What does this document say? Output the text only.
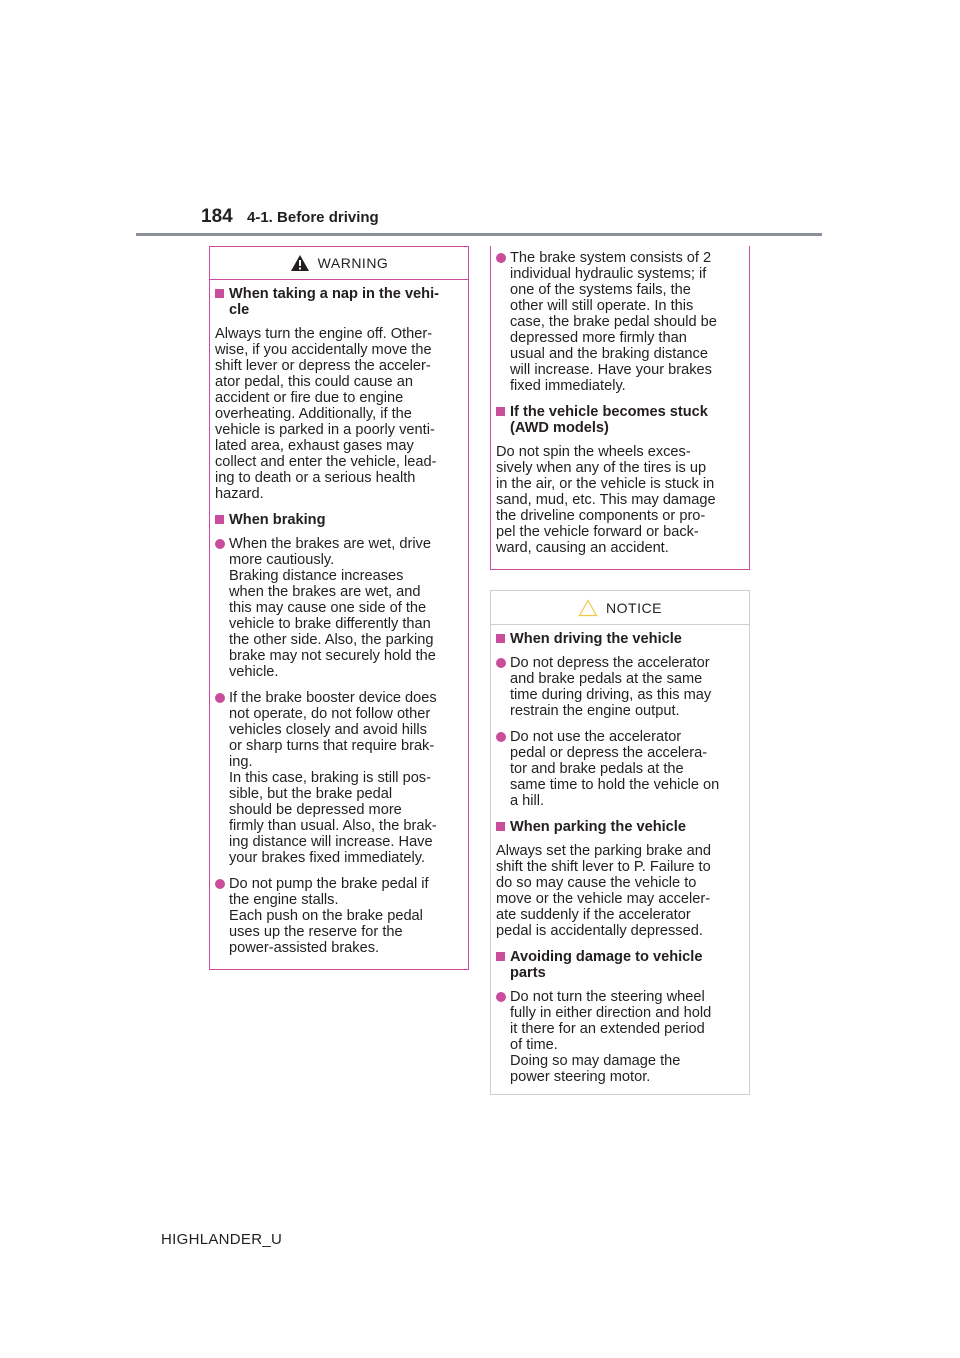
184 4-1. Before driving
WARNING
When taking a nap in the vehi-
cle
Always turn the engine off. Other-
wise, if you accidentally move the
shift lever or depress the acceler-
ator pedal, this could cause an
accident or fire due to engine
overheating. Additionally, if the
vehicle is parked in a poorly venti-
lated area, exhaust gases may
collect and enter the vehicle, lead-
ing to death or a serious health
hazard.
When braking
When the brakes are wet, drive
more cautiously.
Braking distance increases
when the brakes are wet, and
this may cause one side of the
vehicle to brake differently than
the other side. Also, the parking
brake may not securely hold the
vehicle.
If the brake booster device does
not operate, do not follow other
vehicles closely and avoid hills
or sharp turns that require brak-
ing.
In this case, braking is still pos-
sible, but the brake pedal
should be depressed more
firmly than usual. Also, the brak-
ing distance will increase. Have
your brakes fixed immediately.
Do not pump the brake pedal if
the engine stalls.
Each push on the brake pedal
uses up the reserve for the
power-assisted brakes.
The brake system consists of 2
individual hydraulic systems; if
one of the systems fails, the
other will still operate. In this
case, the brake pedal should be
depressed more firmly than
usual and the braking distance
will increase. Have your brakes
fixed immediately.
If the vehicle becomes stuck
(AWD models)
Do not spin the wheels exces-
sively when any of the tires is up
in the air, or the vehicle is stuck in
sand, mud, etc. This may damage
the driveline components or pro-
pel the vehicle forward or back-
ward, causing an accident.
NOTICE
When driving the vehicle
Do not depress the accelerator
and brake pedals at the same
time during driving, as this may
restrain the engine output.
Do not use the accelerator
pedal or depress the accelera-
tor and brake pedals at the
same time to hold the vehicle on
a hill.
When parking the vehicle
Always set the parking brake and
shift the shift lever to P. Failure to
do so may cause the vehicle to
move or the vehicle may acceler-
ate suddenly if the accelerator
pedal is accidentally depressed.
Avoiding damage to vehicle
parts
Do not turn the steering wheel
fully in either direction and hold
it there for an extended period
of time.
Doing so may damage the
power steering motor.
HIGHLANDER_U
